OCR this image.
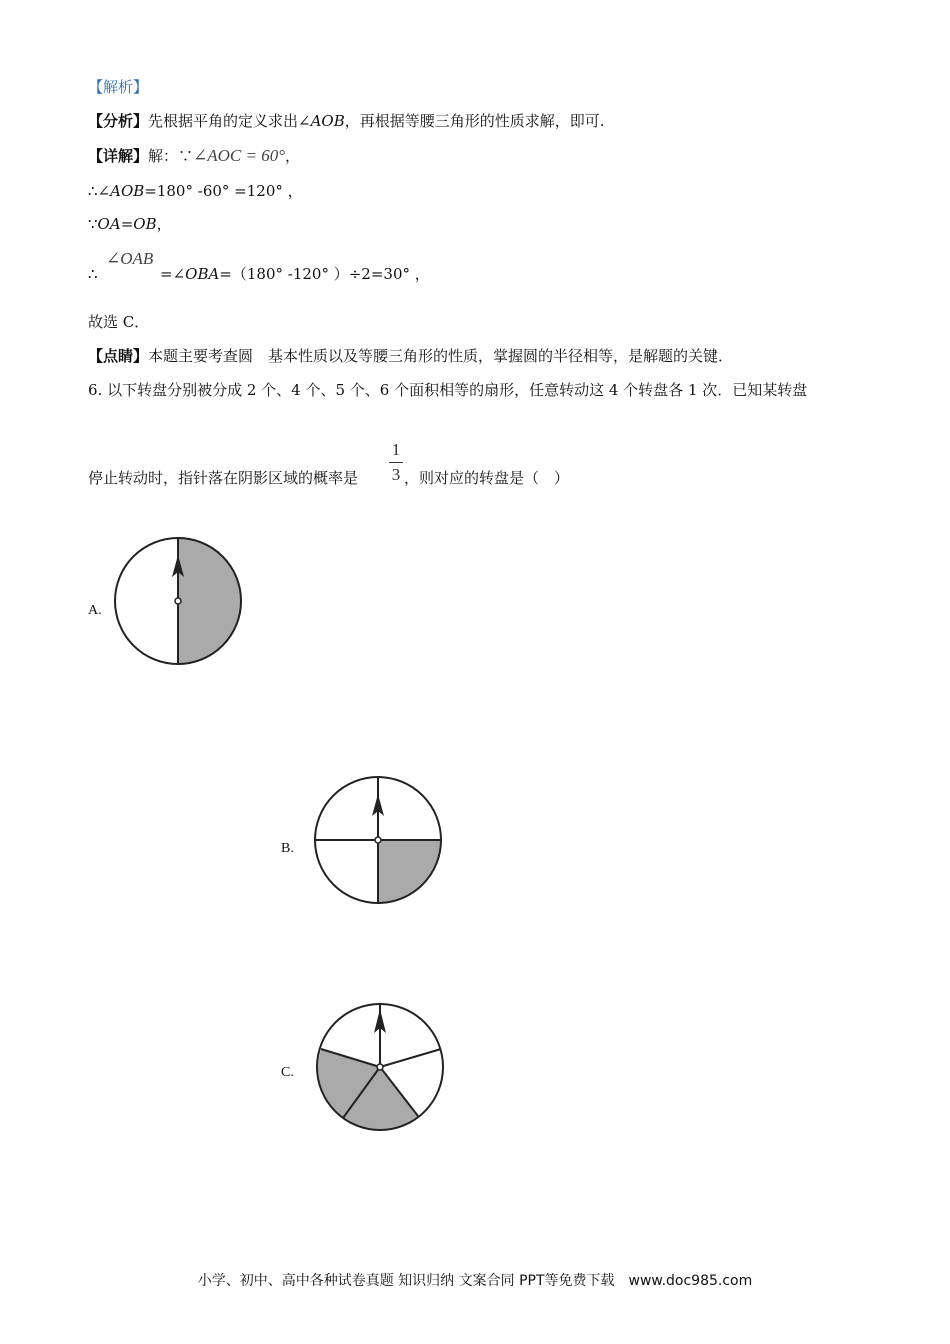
【解析】
【分析】先根据平角的定义求出∠AOB，再根据等腰三角形的性质求解，即可.
【详解】解：∵∠AOC = 60°，
∴∠AOB=180° -60° =120° ，
∵OA=OB，
∴
∠OAB
=∠OBA=（180° -120° ）÷2=30° ，
故选 C．
【点睛】本题主要考查圆　基本性质以及等腰三角形的性质，掌握圆的半径相等，是解题的关键．
6. 以下转盘分别被分成 2 个、4 个、5 个、6 个面积相等的扇形，任意转动这 4 个转盘各 1 次．已知某转盘
停止转动时，指针落在阴影区域的概率是
1
3 ，则对应的转盘是（　）
A.
B.
C.
小学、初中、高中各种试卷真题 知识归纳 文案合同 PPT等免费下载　www.doc985.com
